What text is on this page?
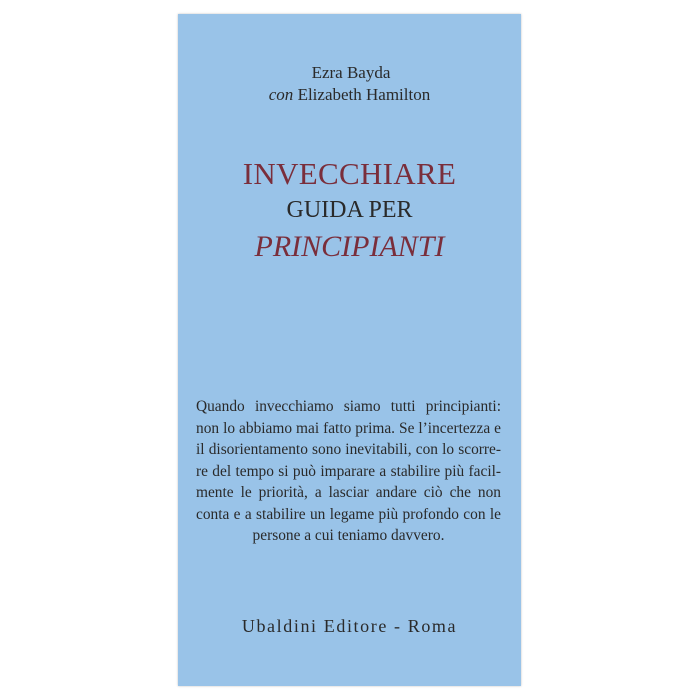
Ezra Bayda
con Elizabeth Hamilton
INVECCHIARE
GUIDA PER
PRINCIPIANTI
Quando invecchiamo siamo tutti principianti:
non lo abbiamo mai fatto prima. Se l’incertezza e
il disorientamento sono inevitabili, con lo scorre-
re del tempo si può imparare a stabilire più facil-
mente le priorità, a lasciar andare ciò che non
conta e a stabilire un legame più profondo con le
persone a cui teniamo davvero.
Ubaldini Editore - Roma
